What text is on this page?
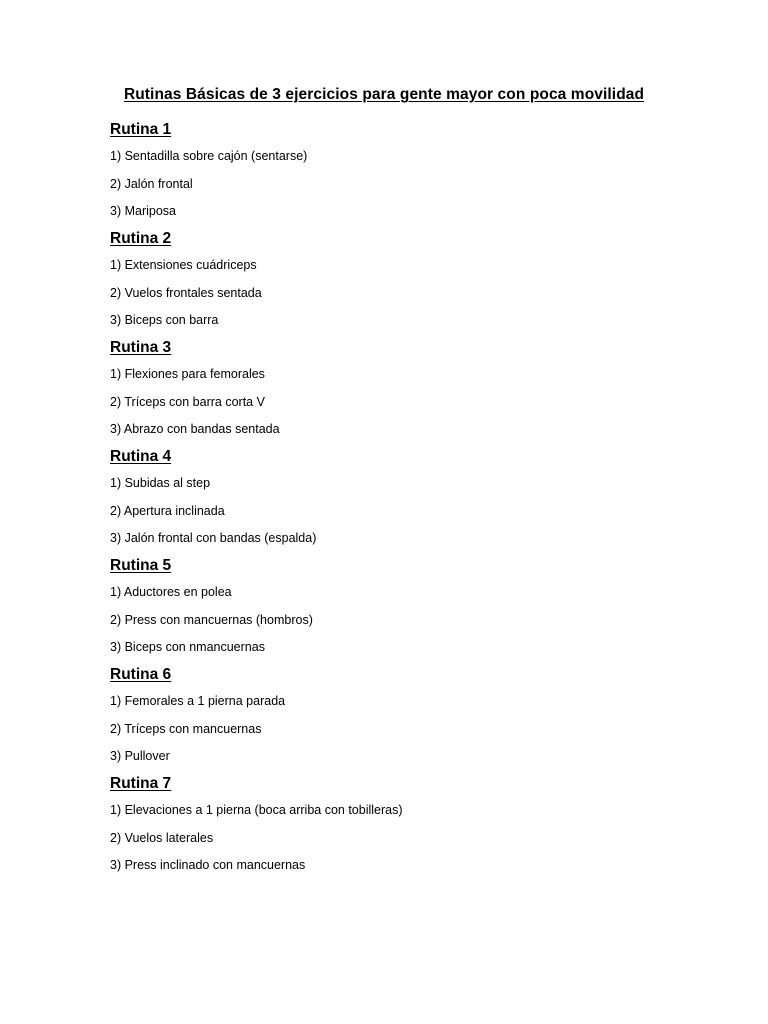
Rutinas Básicas de 3 ejercicios para gente mayor con poca movilidad
Rutina 1
1) Sentadilla sobre cajón (sentarse)
2) Jalón frontal
3) Mariposa
Rutina 2
1) Extensiones cuádriceps
2) Vuelos frontales sentada
3) Biceps con barra
Rutina 3
1) Flexiones para femorales
2) Tríceps con barra corta V
3) Abrazo con bandas sentada
Rutina 4
1) Subidas al step
2) Apertura inclinada
3) Jalón frontal con bandas (espalda)
Rutina 5
1) Aductores en polea
2) Press con mancuernas (hombros)
3) Biceps con nmancuernas
Rutina 6
1) Femorales a 1 pierna parada
2) Tríceps con mancuernas
3) Pullover
Rutina 7
1) Elevaciones a 1 pierna (boca arriba con tobilleras)
2) Vuelos laterales
3) Press inclinado con mancuernas
